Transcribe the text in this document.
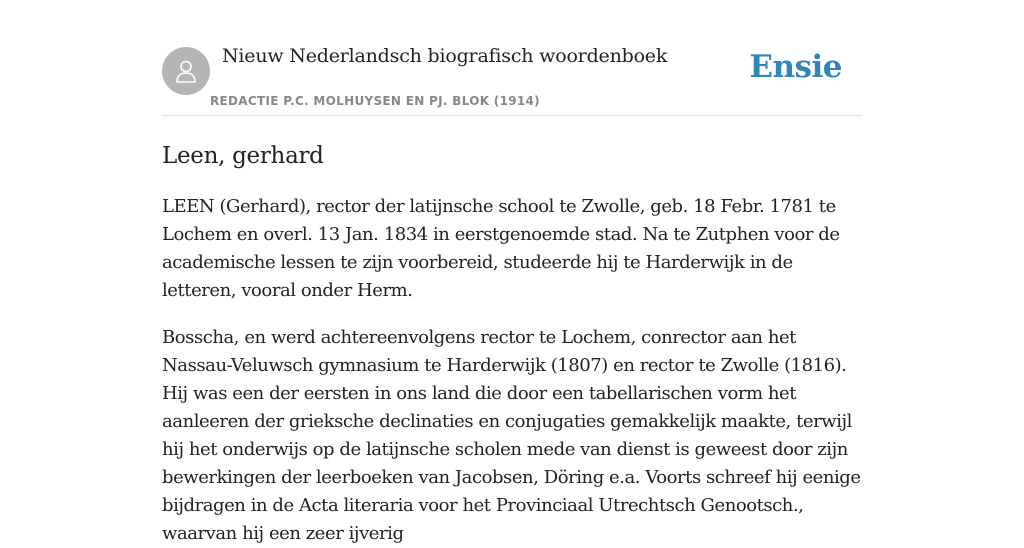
Nieuw Nederlandsch biografisch woordenboek
REDACTIE P.C. MOLHUYSEN EN PJ. BLOK (1914)
Ensie
Leen, gerhard

LEEN (Gerhard), rector der latijnsche school te Zwolle, geb. 18 Febr. 1781 te Lochem en overl. 13 Jan. 1834 in eerstgenoemde stad. Na te Zutphen voor de academische lessen te zijn voorbereid, studeerde hij te Harderwijk in de letteren, vooral onder Herm.

Bosscha, en werd achtereenvolgens rector te Lochem, conrector aan het Nassau-Veluwsch gymnasium te Harderwijk (1807) en rector te Zwolle (1816). Hij was een der eersten in ons land die door een tabellarischen vorm het aanleeren der grieksche declinaties en conjugaties gemakkelijk maakte, terwijl hij het onderwijs op de latijnsche scholen mede van dienst is geweest door zijn bewerkingen der leerboeken van Jacobsen, Döring e.a. Voorts schreef hij eenige bijdragen in de Acta literaria voor het Provinciaal Utrechtsch Genootsch., waarvan hij een zeer ijverig
